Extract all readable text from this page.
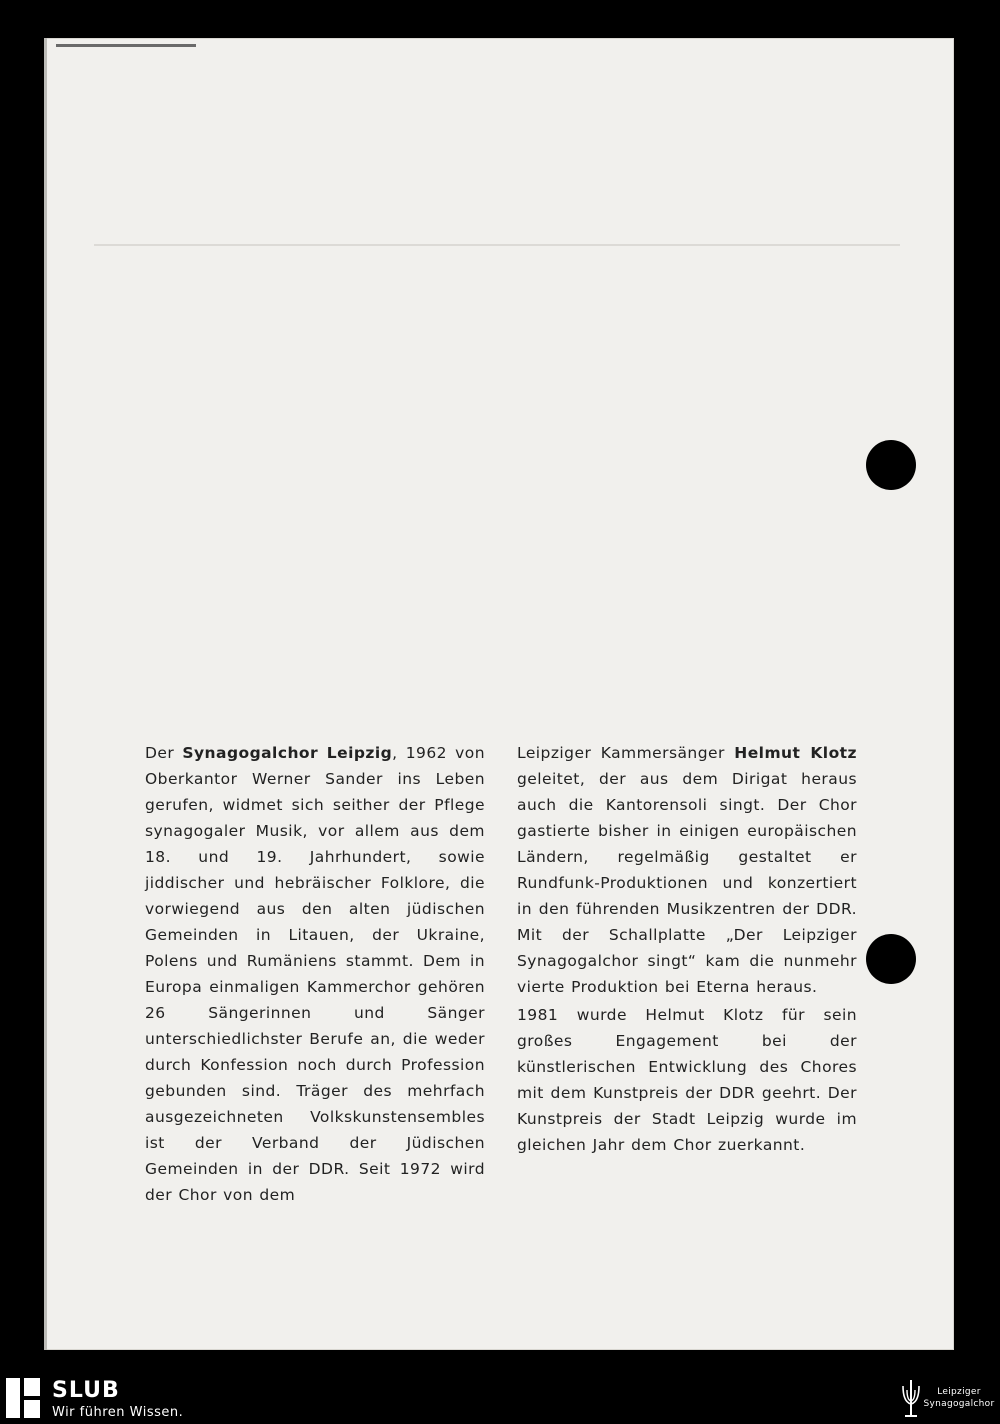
Der Synagogalchor Leipzig, 1962 von Oberkantor Werner Sander ins Leben gerufen, widmet sich seither der Pflege synagogaler Musik, vor allem aus dem 18. und 19. Jahrhundert, sowie jiddischer und hebräischer Folklore, die vorwiegend aus den alten jüdischen Gemeinden in Litauen, der Ukraine, Polens und Rumäniens stammt. Dem in Europa einmaligen Kammerchor gehören 26 Sängerinnen und Sänger unterschiedlichster Berufe an, die weder durch Konfession noch durch Profession gebunden sind. Träger des mehrfach ausgezeichneten Volkskunstensembles ist der Verband der Jüdischen Gemeinden in der DDR. Seit 1972 wird der Chor von dem

Leipziger Kammersänger Helmut Klotz geleitet, der aus dem Dirigat heraus auch die Kantorensoli singt. Der Chor gastierte bisher in einigen europäischen Ländern, regelmäßig gestaltet er Rundfunk-Produktionen und konzertiert in den führenden Musikzentren der DDR. Mit der Schallplatte „Der Leipziger Synagogalchor singt“ kam die nunmehr vierte Produktion bei Eterna heraus.

1981 wurde Helmut Klotz für sein großes Engagement bei der künstlerischen Entwicklung des Chores mit dem Kunstpreis der DDR geehrt. Der Kunstpreis der Stadt Leipzig wurde im gleichen Jahr dem Chor zuerkannt.

SLUB
Wir führen Wissen.
Leipziger
Synagogalchor
